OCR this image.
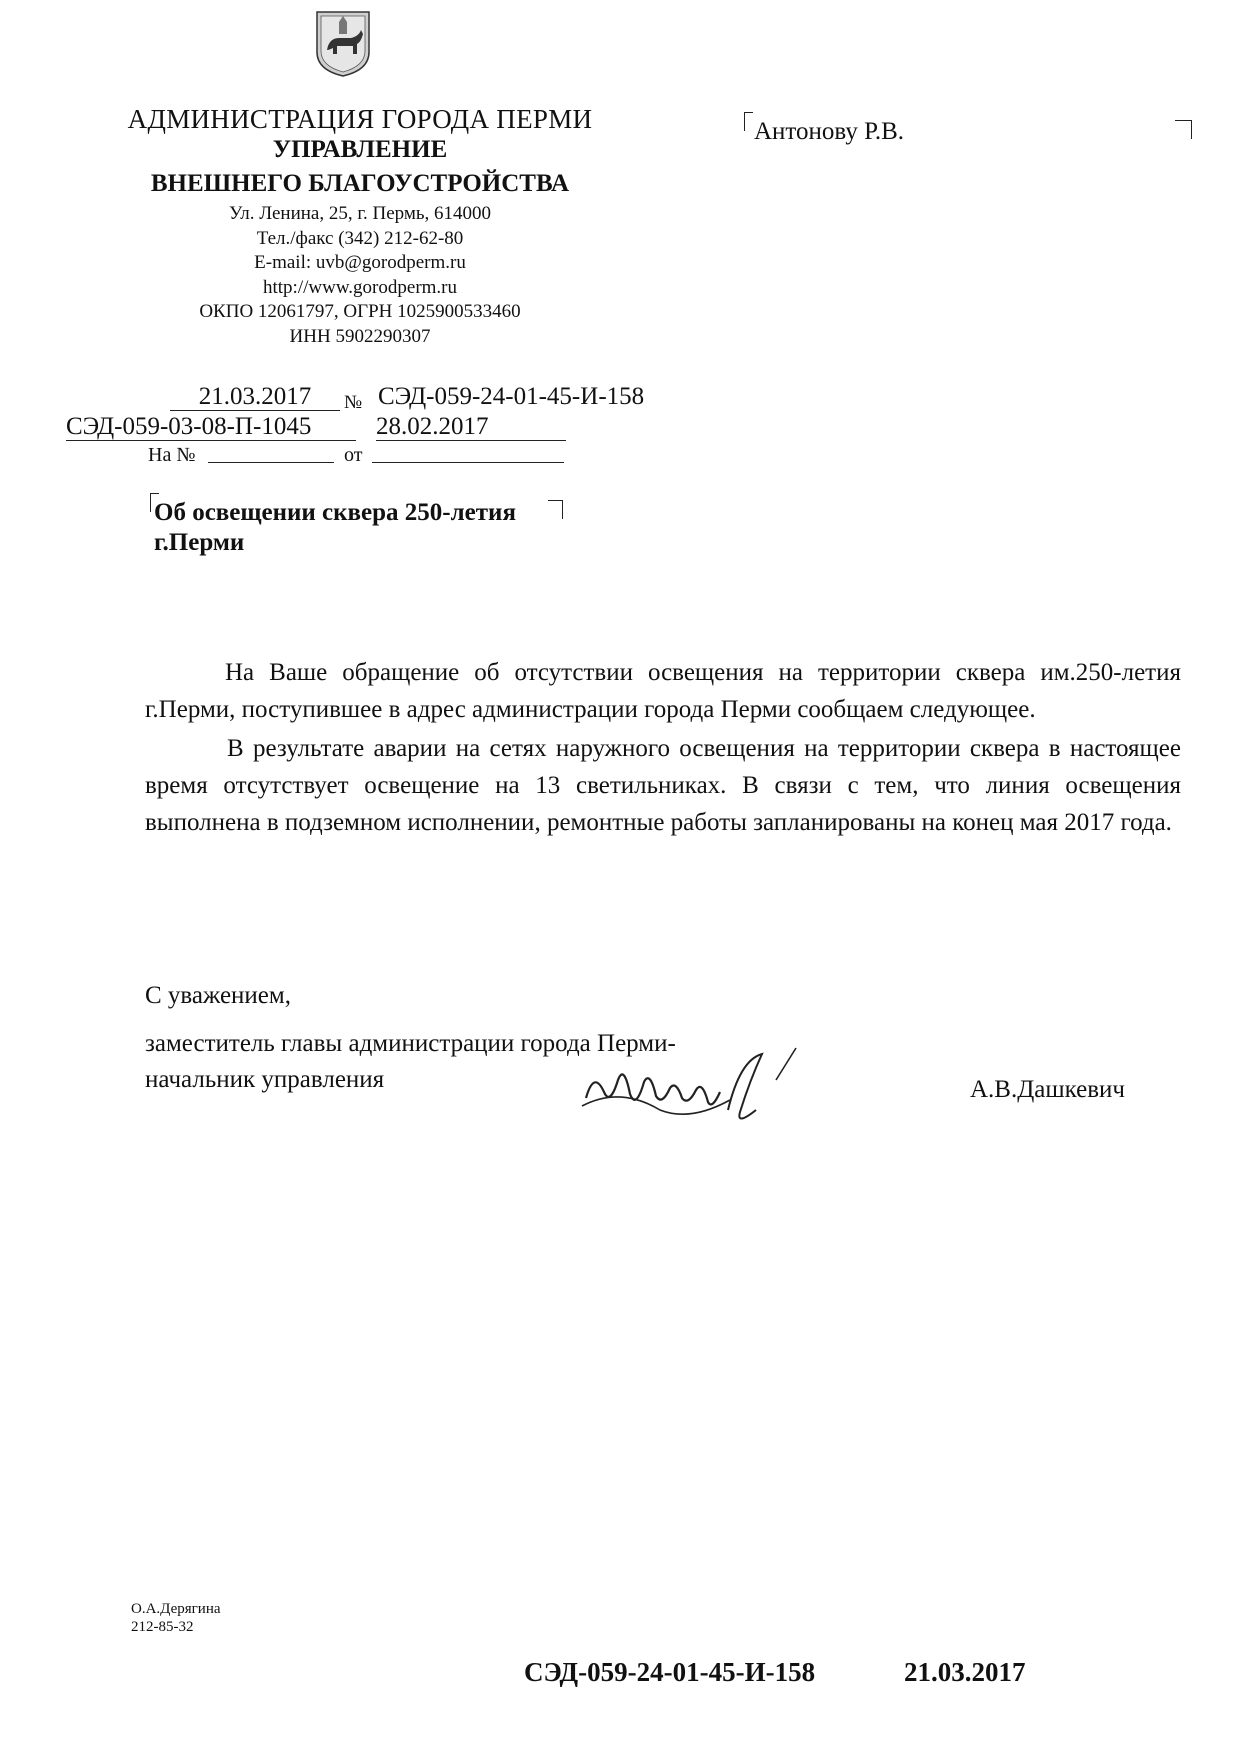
АДМИНИСТРАЦИЯ ГОРОДА ПЕРМИ
УПРАВЛЕНИЕ
ВНЕШНЕГО БЛАГОУСТРОЙСТВА
Ул. Ленина, 25, г. Пермь, 614000
Тел./факс (342) 212-62-80
E-mail: uvb@gorodperm.ru
http://www.gorodperm.ru
ОКПО 12061797, ОГРН 1025900533460
ИНН 5902290307
Антонову Р.В.
21.03.2017	№ СЭД-059-24-01-45-И-158
СЭД-059-03-08-П-1045	28.02.2017
На №	от
Об освещении сквера 250-летия г.Перми

На Ваше обращение об отсутствии освещения на территории сквера им.250-летия г.Перми, поступившее в адрес администрации города Перми сообщаем следующее.

В результате аварии на сетях наружного освещения на территории сквера в настоящее время отсутствует освещение на 13 светильниках. В связи с тем, что линия освещения выполнена в подземном исполнении, ремонтные работы запланированы на конец мая 2017 года.

С уважением,
заместитель главы администрации города Перми-
начальник управления	А.В.Дашкевич
О.А.Дерягина
212-85-32
СЭД-059-24-01-45-И-158	21.03.2017
